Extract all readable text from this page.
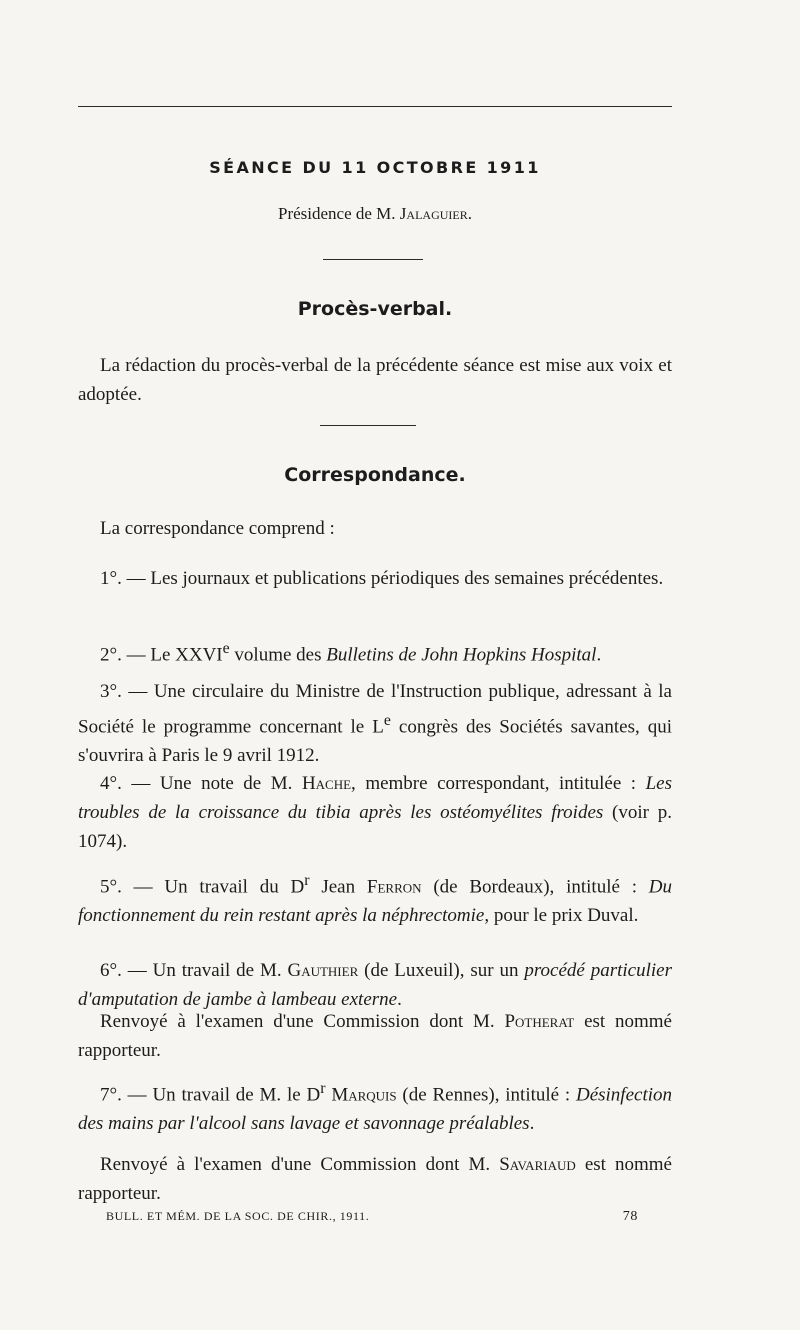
SÉANCE DU 11 OCTOBRE 1911
Présidence de M. Jalaguier.
Procès-verbal.

La rédaction du procès-verbal de la précédente séance est mise aux voix et adoptée.

Correspondance.

La correspondance comprend :

1°. — Les journaux et publications périodiques des semaines précédentes.

2°. — Le XXVIe volume des Bulletins de John Hopkins Hospital.

3°. — Une circulaire du Ministre de l'Instruction publique, adressant à la Société le programme concernant le Le congrès des Sociétés savantes, qui s'ouvrira à Paris le 9 avril 1912.

4°. — Une note de M. Hache, membre correspondant, intitulée : Les troubles de la croissance du tibia après les ostéomyélites froides (voir p. 1074).

5°. — Un travail du $D^r$ Jean Ferron (de Bordeaux), intitulé : Du fonctionnement du rein restant après la néphrectomie, pour le prix Duval.

6°. — Un travail de M. Gauthier (de Luxeuil), sur un procédé particulier d'amputation de jambe à lambeau externe.

Renvoyé à l'examen d'une Commission dont M. Potherat est nommé rapporteur.

7°. — Un travail de M. le $D^r$ Marquis (de Rennes), intitulé : Désinfection des mains par l'alcool sans lavage et savonnage préalables.

Renvoyé à l'examen d'une Commission dont M. Savariaud est nommé rapporteur.

BULL. ET MÉM. DE LA SOC. DE CHIR., 1911.	78
